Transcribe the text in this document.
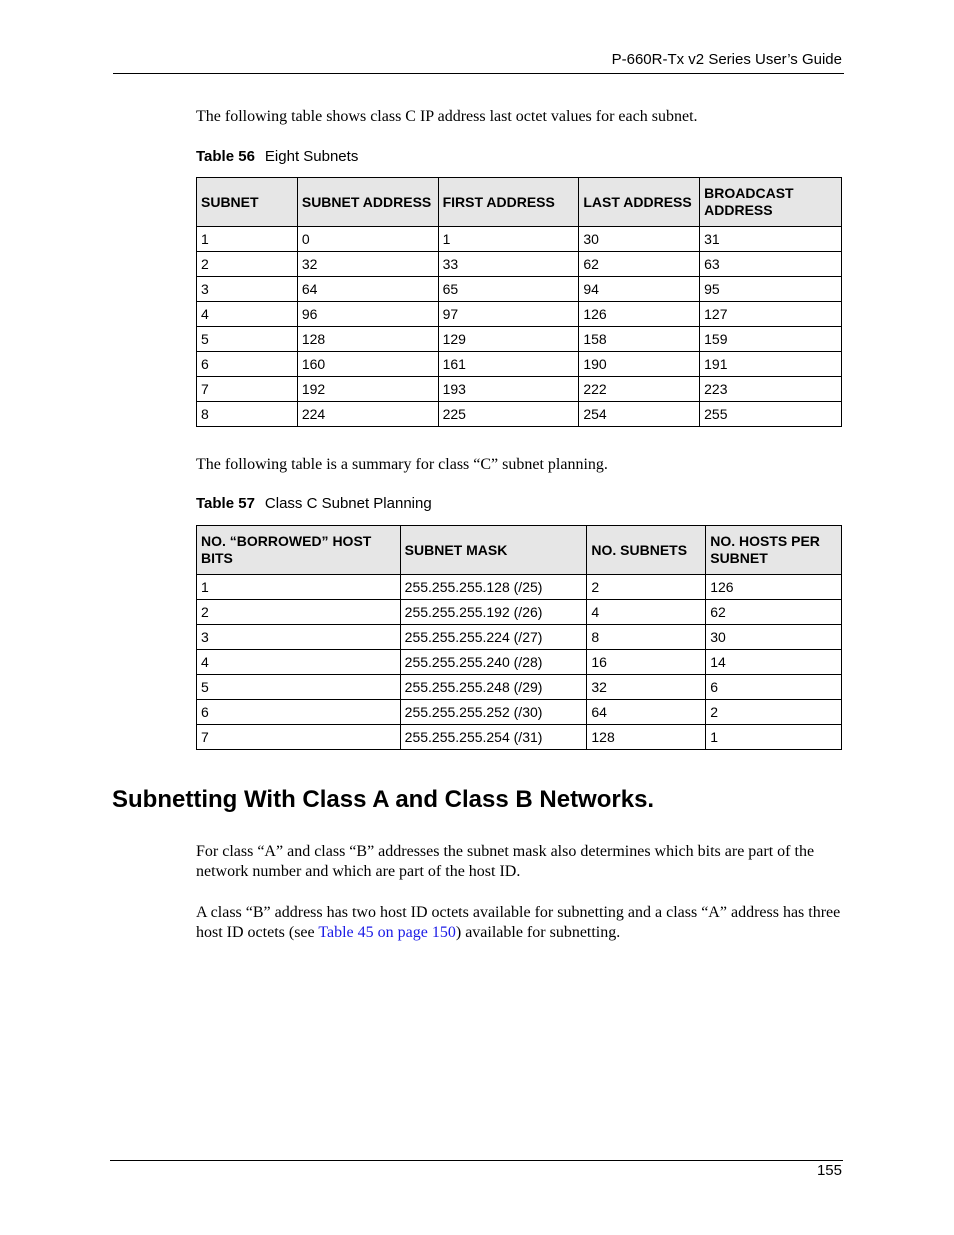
P-660R-Tx v2 Series User’s Guide
The following table shows class C IP address last octet values for each subnet.
Table 56 Eight Subnets
SUBNET	SUBNET ADDRESS	FIRST ADDRESS	LAST ADDRESS	BROADCAST ADDRESS
1	0	1	30	31
2	32	33	62	63
3	64	65	94	95
4	96	97	126	127
5	128	129	158	159
6	160	161	190	191
7	192	193	222	223
8	224	225	254	255
The following table is a summary for class “C” subnet planning.
Table 57 Class C Subnet Planning
NO. “BORROWED” HOST BITS	SUBNET MASK	NO. SUBNETS	NO. HOSTS PER SUBNET
1	255.255.255.128 (/25)	2	126
2	255.255.255.192 (/26)	4	62
3	255.255.255.224 (/27)	8	30
4	255.255.255.240 (/28)	16	14
5	255.255.255.248 (/29)	32	6
6	255.255.255.252 (/30)	64	2
7	255.255.255.254 (/31)	128	1
Subnetting With Class A and Class B Networks.
For class “A” and class “B” addresses the subnet mask also determines which bits are part of the network number and which are part of the host ID.
A class “B” address has two host ID octets available for subnetting and a class “A” address has three host ID octets (see Table 45 on page 150) available for subnetting.
155
